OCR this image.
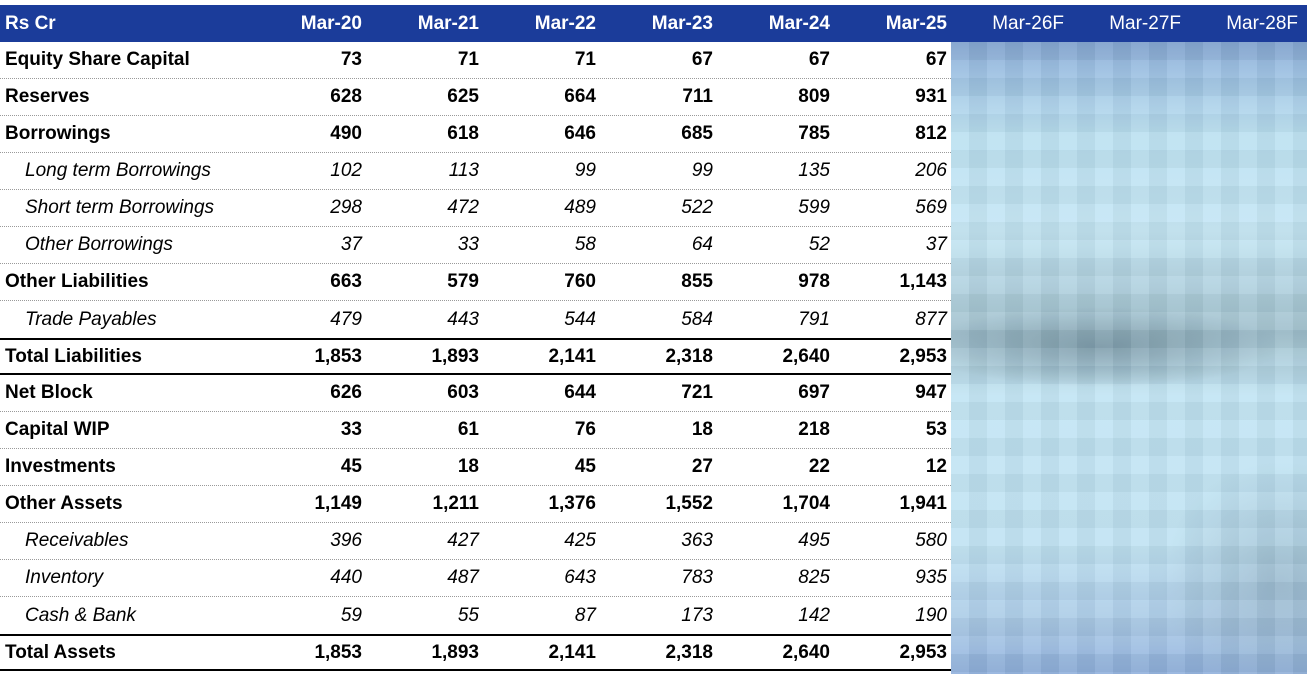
Rs Cr	Mar-20	Mar-21	Mar-22	Mar-23	Mar-24	Mar-25	Mar-26F	Mar-27F	Mar-28F
Equity Share Capital	73	71	71	67	67	67
Reserves	628	625	664	711	809	931
Borrowings	490	618	646	685	785	812
Long term Borrowings	102	113	99	99	135	206
Short term Borrowings	298	472	489	522	599	569
Other Borrowings	37	33	58	64	52	37
Other Liabilities	663	579	760	855	978	1,143
Trade Payables	479	443	544	584	791	877
Total Liabilities	1,853	1,893	2,141	2,318	2,640	2,953
Net Block	626	603	644	721	697	947
Capital WIP	33	61	76	18	218	53
Investments	45	18	45	27	22	12
Other Assets	1,149	1,211	1,376	1,552	1,704	1,941
Receivables	396	427	425	363	495	580
Inventory	440	487	643	783	825	935
Cash & Bank	59	55	87	173	142	190
Total Assets	1,853	1,893	2,141	2,318	2,640	2,953
